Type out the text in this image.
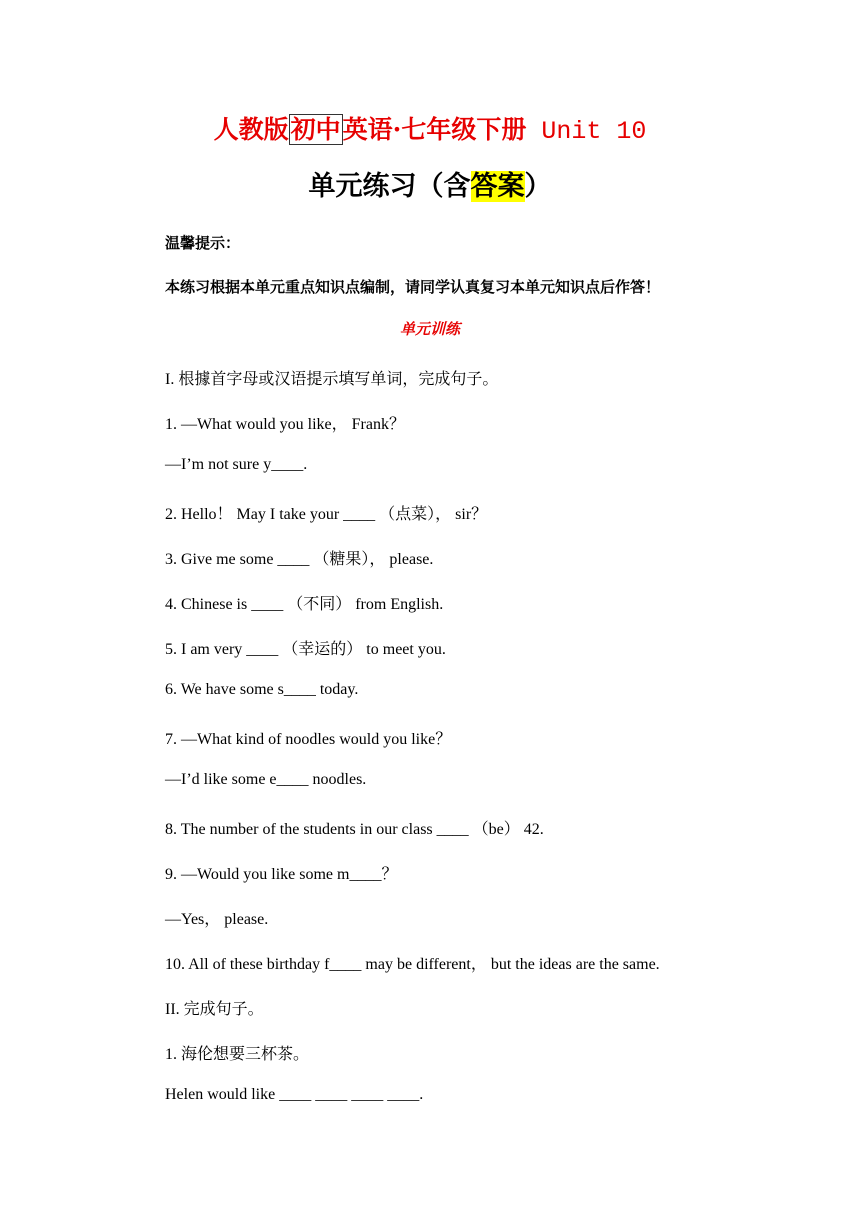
人教版初中英语·七年级下册 Unit 10
单元练习（含答案）
温馨提示：
本练习根据本单元重点知识点编制，请同学认真复习本单元知识点后作答！
单元训练
I. 根據首字母或汉语提示填写单词，完成句子。
1. —What would you like， Frank？
—I’m not sure y____.
2. Hello！ May I take your ____ （点菜）， sir？
3. Give me some ____ （糖果）， please.
4. Chinese is ____ （不同） from English.
5. I am very ____ （幸运的） to meet you.
6. We have some s____ today.
7. —What kind of noodles would you like？
—I’d like some e____ noodles.
8. The number of the students in our class ____ （be） 42.
9. —Would you like some m____？
—Yes， please.
10. All of these birthday f____ may be different， but the ideas are the same.
II. 完成句子。
1. 海伦想要三杯茶。
Helen would like ____ ____ ____ ____.
